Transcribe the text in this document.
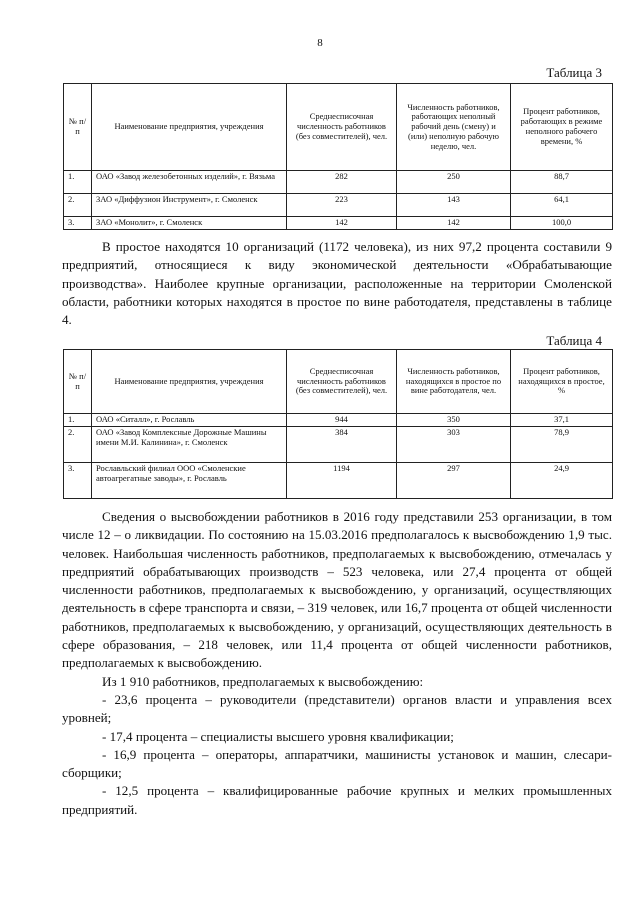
8
Таблица 3
№ п/п	Наименование предприятия, учреждения	Среднесписочная численность работников (без совместителей), чел.	Численность работников, работающих неполный рабочий день (смену) и (или) неполную рабочую неделю, чел.	Процент работников, работающих в режиме неполного рабочего времени, %
1.	ОАО «Завод железобетонных изделий», г. Вязьма	282	250	88,7
2.	ЗАО «Диффузион Инструмент», г. Смоленск	223	143	64,1
3.	ЗАО «Монолит», г. Смоленск	142	142	100,0

В простое находятся 10 организаций (1172 человека), из них 97,2 процента составили 9 предприятий, относящиеся к виду экономической деятельности «Обрабатывающие производства». Наиболее крупные организации, расположенные на территории Смоленской области, работники которых находятся в простое по вине работодателя, представлены в таблице 4.

Таблица 4
№ п/п	Наименование предприятия, учреждения	Среднесписочная численность работников (без совместителей), чел.	Численность работников, находящихся в простое по вине работодателя, чел.	Процент работников, находящихся в простое, %
1.	ОАО «Ситалл», г. Рославль	944	350	37,1
2.	ОАО «Завод Комплексные Дорожные Машины имени М.И. Калинина», г. Смоленск	384	303	78,9
3.	Рославльский филиал ООО «Смоленские автоагрегатные заводы», г. Рославль	1194	297	24,9

Сведения о высвобождении работников в 2016 году представили 253 организации, в том числе 12 – о ликвидации. По состоянию на 15.03.2016 предполагалось к высвобождению 1,9 тыс. человек. Наибольшая численность работников, предполагаемых к высвобождению, отмечалась у предприятий обрабатывающих производств – 523 человека, или 27,4 процента от общей численности работников, предполагаемых к высвобождению, у организаций, осуществляющих деятельность в сфере транспорта и связи, – 319 человек, или 16,7 процента от общей численности работников, предполагаемых к высвобождению, у организаций, осуществляющих деятельность в сфере образования, – 218 человек, или 11,4 процента от общей численности работников, предполагаемых к высвобождению.

Из 1 910 работников, предполагаемых к высвобождению:

- 23,6 процента – руководители (представители) органов власти и управления всех уровней;

- 17,4 процента – специалисты высшего уровня квалификации;

- 16,9 процента – операторы, аппаратчики, машинисты установок и машин, слесари-сборщики;

- 12,5 процента – квалифицированные рабочие крупных и мелких промышленных предприятий.
